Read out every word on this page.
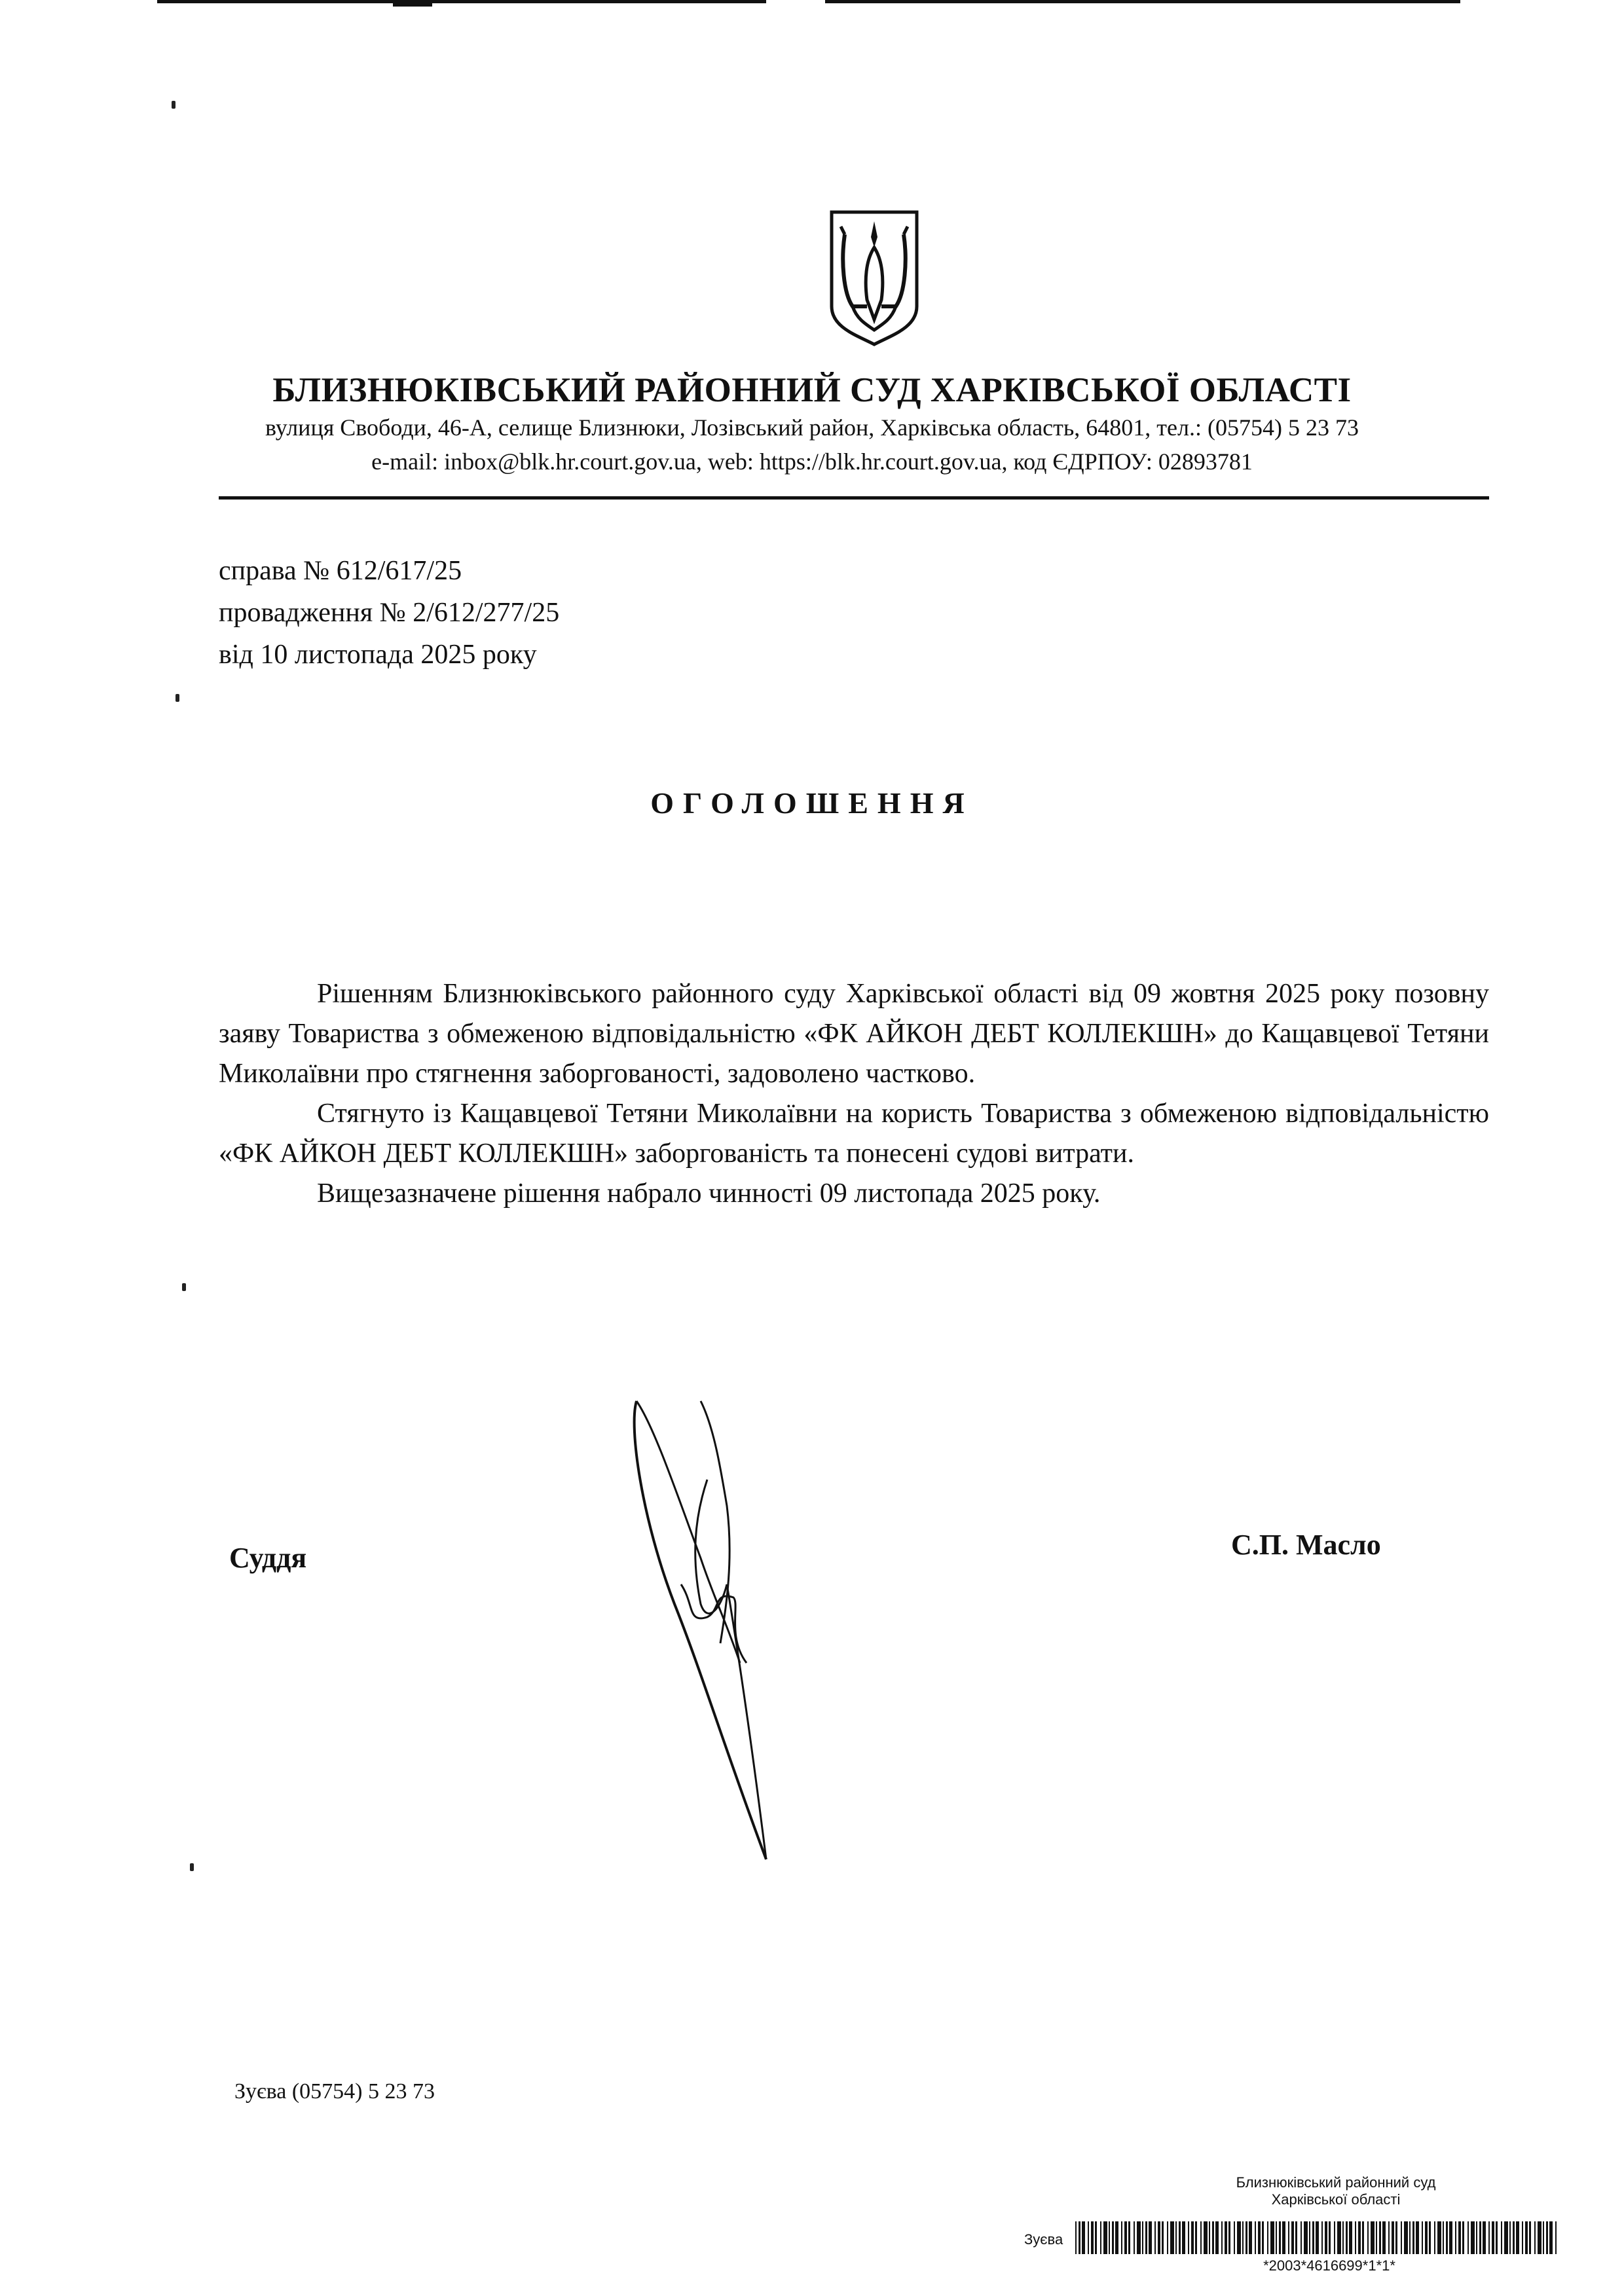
БЛИЗНЮКІВСЬКИЙ РАЙОННИЙ СУД ХАРКІВСЬКОЇ ОБЛАСТІ
вулиця Свободи, 46-А, селище Близнюки, Лозівський район, Харківська область, 64801, тел.: (05754) 5 23 73
e-mail: inbox@blk.hr.court.gov.ua, web: https://blk.hr.court.gov.ua, код ЄДРПОУ: 02893781
справа № 612/617/25
провадження № 2/612/277/25
від 10 листопада 2025 року
ОГОЛОШЕННЯ

Рішенням Близнюківського районного суду Харківської області від 09 жовтня 2025 року позовну заяву Товариства з обмеженою відповідальністю «ФК АЙКОН ДЕБТ КОЛЛЕКШН» до Кащавцевої Тетяни Миколаївни про стягнення заборгованості, задоволено частково.

Стягнуто із Кащавцевої Тетяни Миколаївни на користь Товариства з обмеженою відповідальністю «ФК АЙКОН ДЕБТ КОЛЛЕКШН» заборгованість та понесені судові витрати.

Вищезазначене рішення набрало чинності 09 листопада 2025 року.

Суддя	С.П. Масло
Зуєва (05754) 5 23 73
Близнюківський районний суд
Харківської області
Зуєва
*2003*4616699*1*1*
